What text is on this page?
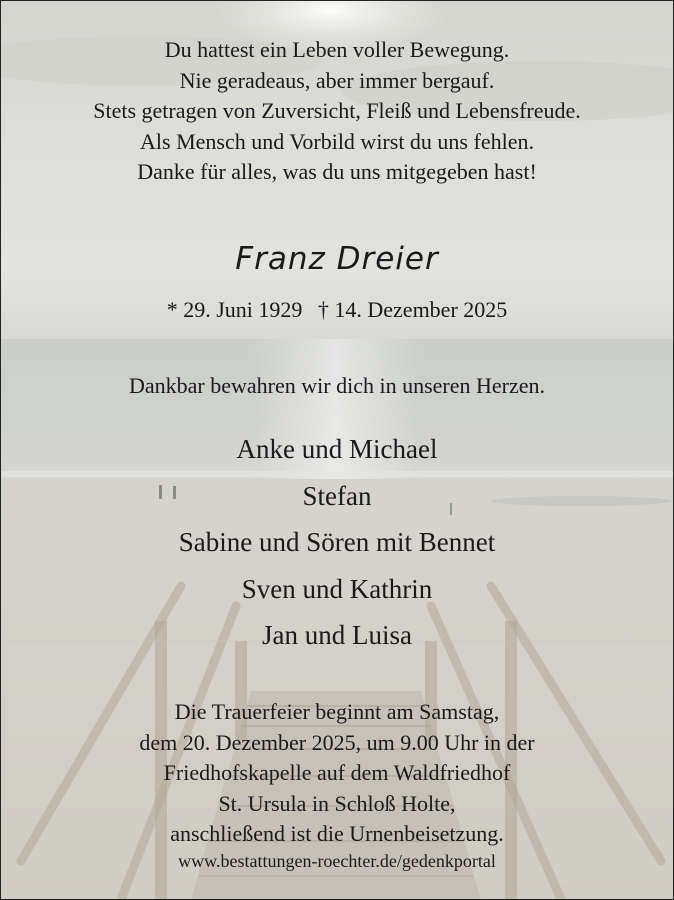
Du hattest ein Leben voller Bewegung.
Nie geradeaus, aber immer bergauf.
Stets getragen von Zuversicht, Fleiß und Lebensfreude.
Als Mensch und Vorbild wirst du uns fehlen.
Danke für alles, was du uns mitgegeben hast!
Franz Dreier
* 29. Juni 1929 † 14. Dezember 2025
Dankbar bewahren wir dich in unseren Herzen.
Anke und Michael
Stefan
Sabine und Sören mit Bennet
Sven und Kathrin
Jan und Luisa
Die Trauerfeier beginnt am Samstag,
dem 20. Dezember 2025, um 9.00 Uhr in der
Friedhofskapelle auf dem Waldfriedhof
St. Ursula in Schloß Holte,
anschließend ist die Urnenbeisetzung.
www.bestattungen-roechter.de/gedenkportal
